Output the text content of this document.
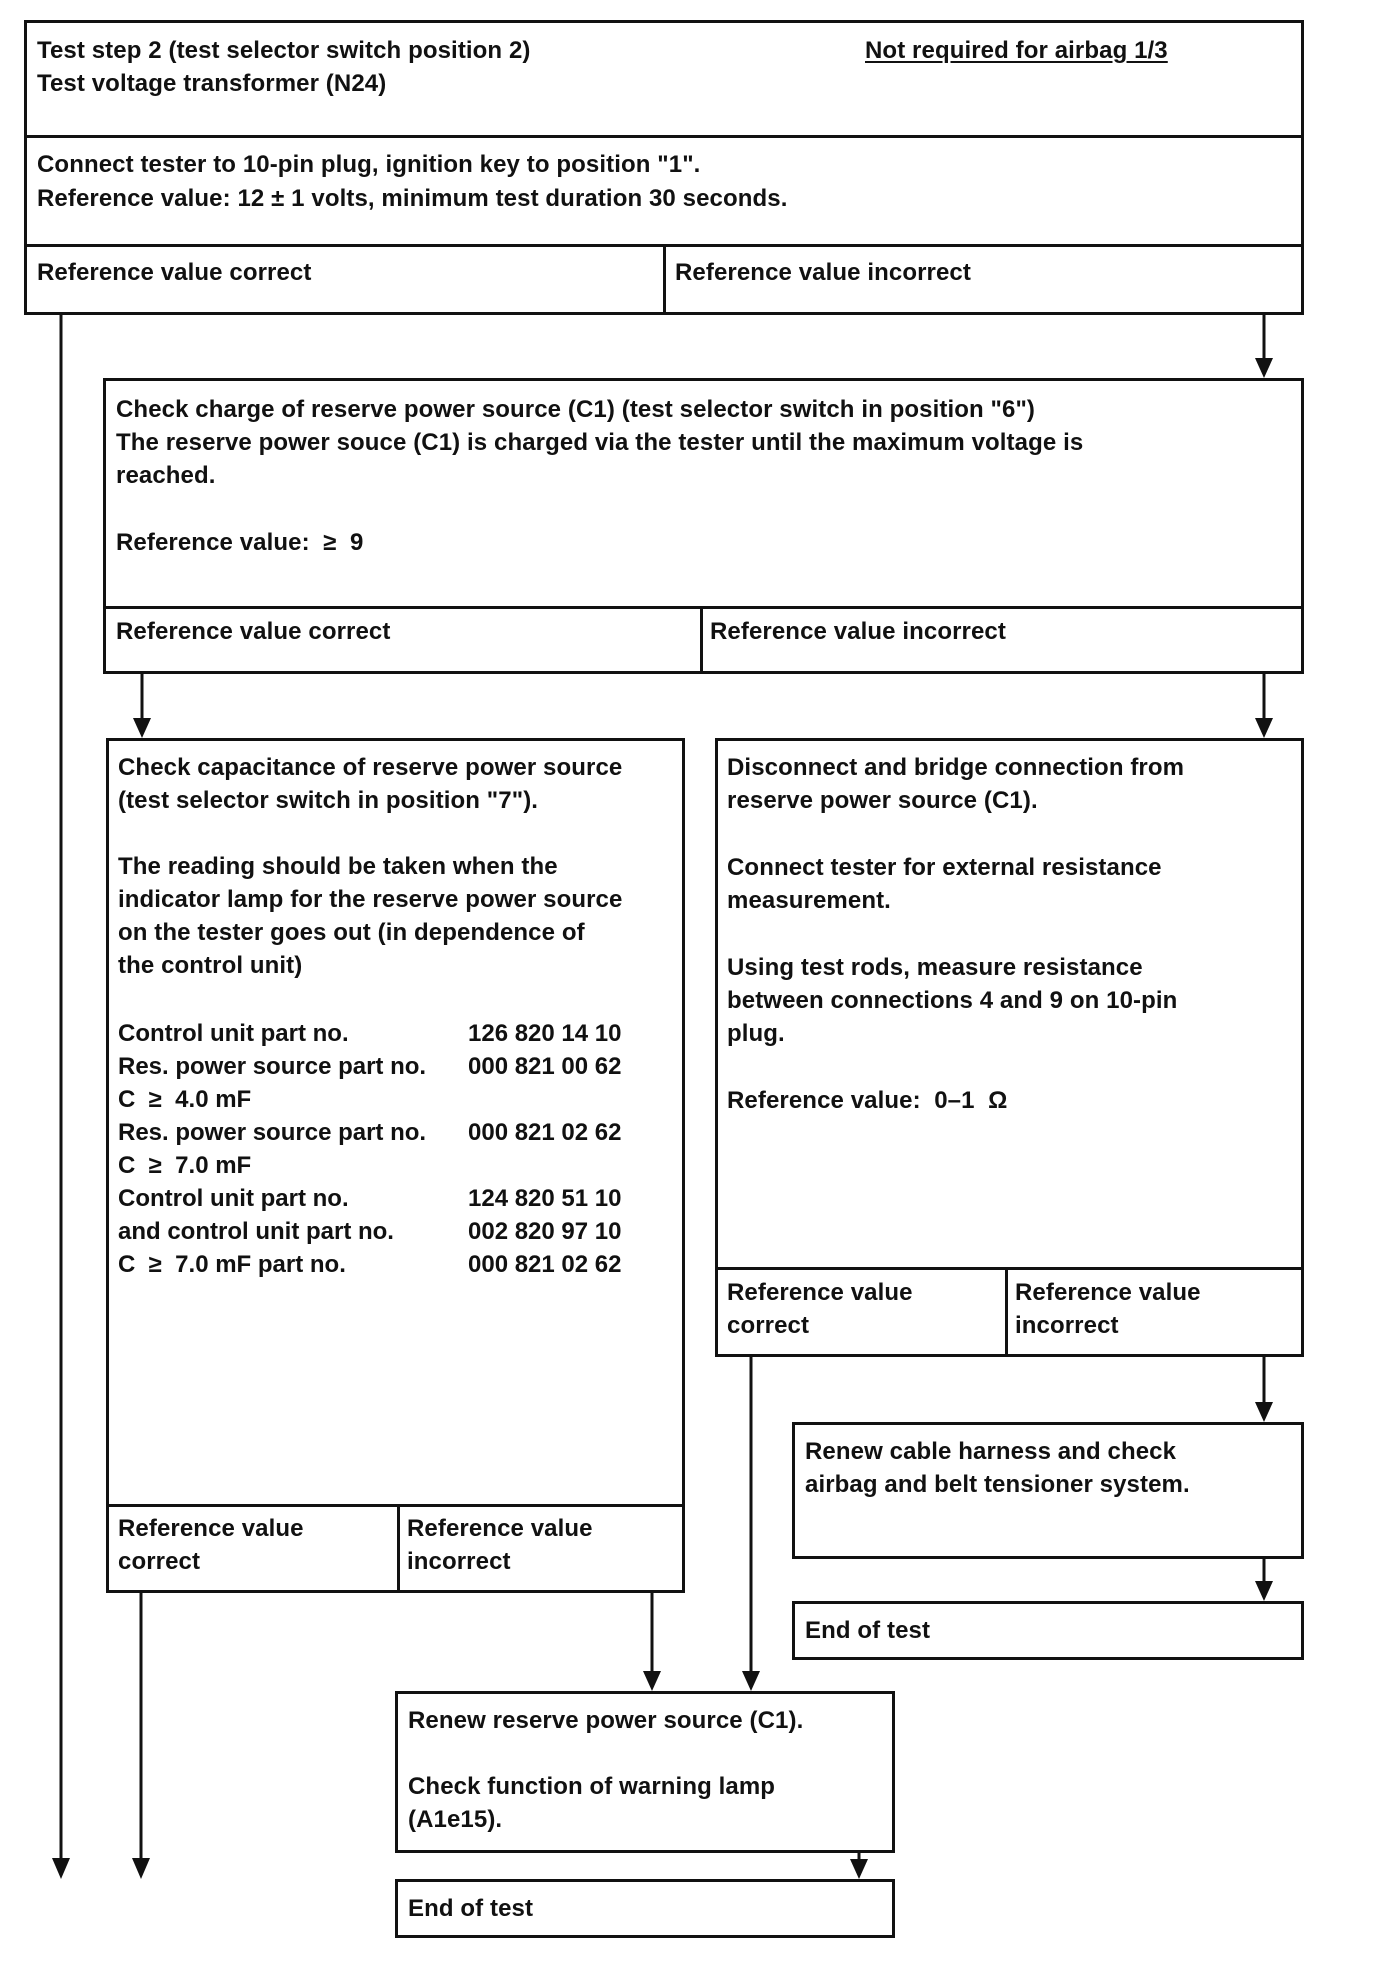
Test step 2 (test selector switch position 2)

Test voltage transformer (N24)

Not required for airbag 1/3

Connect tester to 10-pin plug, ignition key to position "1".

Reference value: 12 ± 1 volts, minimum test duration 30 seconds.

Reference value correct	Reference value incorrect

Check charge of reserve power source (C1) (test selector switch in position "6")
The reserve power souce (C1) is charged via the tester until the maximum voltage is
reached.

Reference value:  ≥  9

Reference value correct	Reference value incorrect

Check capacitance of reserve power source
(test selector switch in position "7").

The reading should be taken when the
indicator lamp for the reserve power source
on the tester goes out (in dependence of
the control unit)

Control unit part no.
Res. power source part no.
C  ≥  4.0 mF
Res. power source part no.
C  ≥  7.0 mF
Control unit part no.
and control unit part no.
C  ≥  7.0 mF part no.

126 820 14 10
000 821 00 62

000 821 02 62

124 820 51 10
002 820 97 10
000 821 02 62

Reference value
correct

Reference value
incorrect

Disconnect and bridge connection from
reserve power source (C1).

Connect tester for external resistance
measurement.

Using test rods, measure resistance
between connections 4 and 9 on 10-pin
plug.

Reference value:  0–1  Ω

Reference value
correct

Reference value
incorrect

Renew cable harness and check
airbag and belt tensioner system.

End of test

Renew reserve power source (C1).

Check function of warning lamp
(A1e15).

End of test
